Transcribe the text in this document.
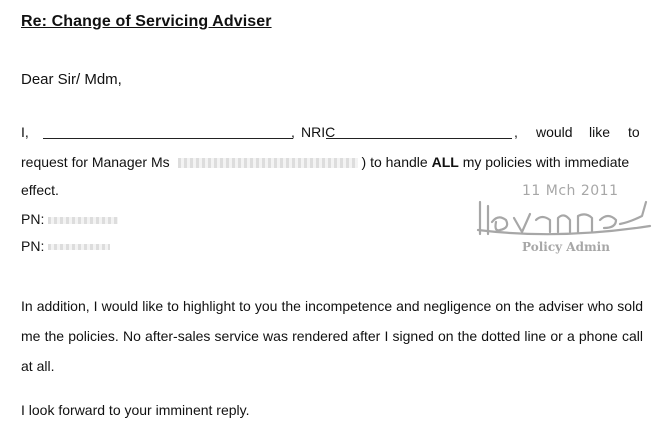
Re: Change of Servicing Adviser
Dear Sir/ Mdm,
I,	, NRIC	, would like to
request for Manager Ms	) to handle ALL my policies with immediate
effect.
PN:
PN:
In addition, I would like to highlight to you the incompetence and negligence on the adviser who sold me the policies. No after-sales service was rendered after I signed on the dotted line or a phone call at all.
I look forward to your imminent reply.
11 Mch 2011
Policy Admin
